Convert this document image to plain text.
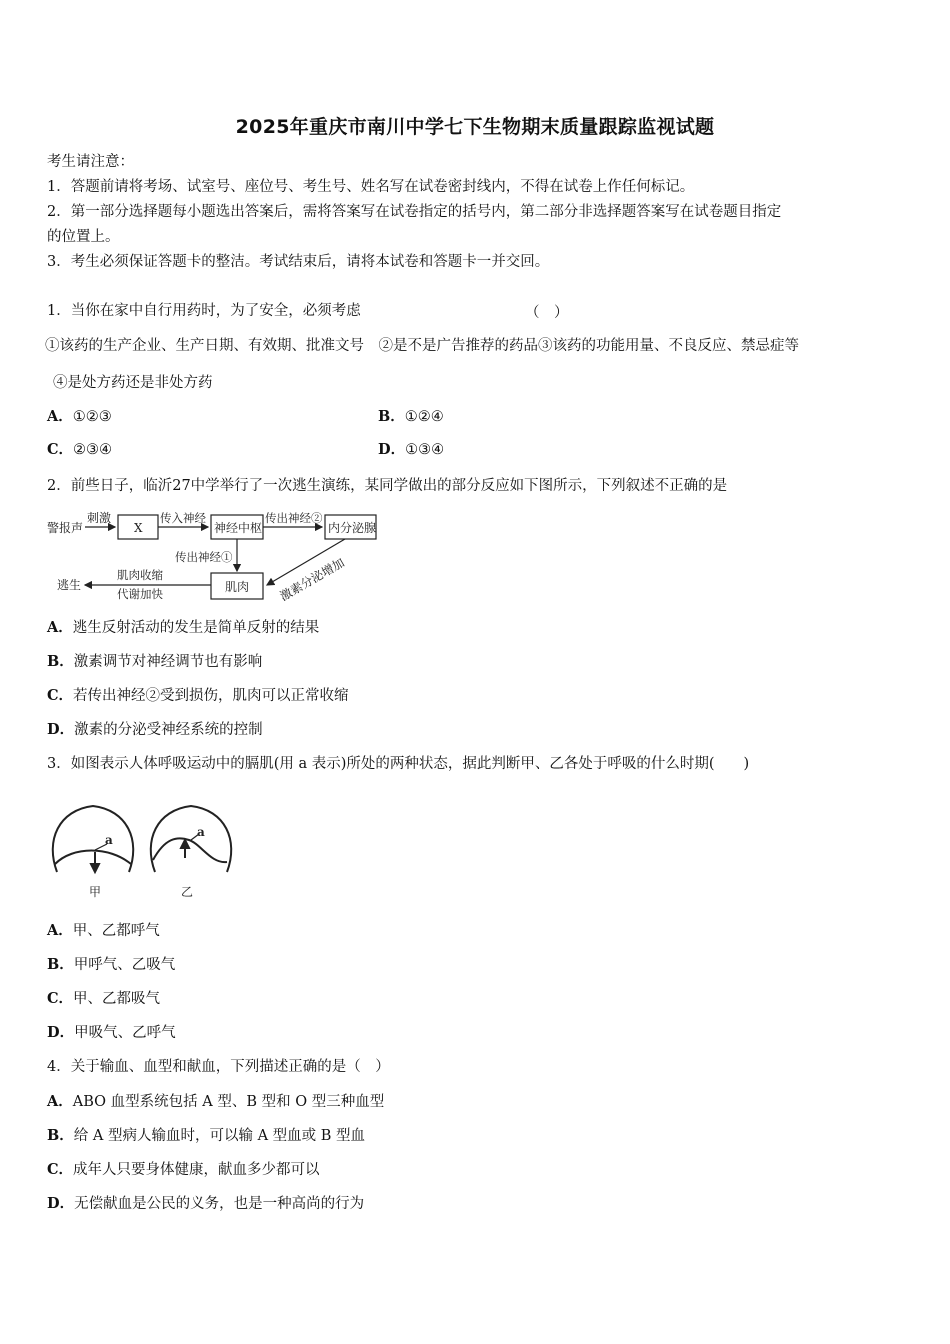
2025年重庆市南川中学七下生物期末质量跟踪监视试题
考生请注意：
1．答题前请将考场、试室号、座位号、考生号、姓名写在试卷密封线内，不得在试卷上作任何标记。
2．第一部分选择题每小题选出答案后，需将答案写在试卷指定的括号内，第二部分非选择题答案写在试卷题目指定
的位置上。
3．考生必须保证答题卡的整洁。考试结束后，请将本试卷和答题卡一并交回。
1．当你在家中自行用药时，为了安全，必须考虑	（　）
①该药的生产企业、生产日期、有效期、批准文号　②是不是广告推荐的药品③该药的功能用量、不良反应、禁忌症等
④是处方药还是非处方药
A．①②③	B．①②④
C．②③④	D．①③④
2．前些日子，临沂27中学举行了一次逃生演练，某同学做出的部分反应如下图所示，下列叙述不正确的是
警报声
刺激
X
传入神经
神经中枢
传出神经②
内分泌腺
传出神经①
肌肉 激素分泌增加
肌肉收缩
代谢加快
逃生
A．逃生反射活动的发生是简单反射的结果
B．激素调节对神经调节也有影响
C．若传出神经②受到损伤，肌肉可以正常收缩
D．激素的分泌受神经系统的控制
3．如图表示人体呼吸运动中的膈肌(用 a 表示)所处的两种状态，据此判断甲、乙各处于呼吸的什么时期(　　)
a
a
甲	乙
A．甲、乙都呼气
B．甲呼气、乙吸气
C．甲、乙都吸气
D．甲吸气、乙呼气
4．关于输血、血型和献血，下列描述正确的是（　）
A．ABO 血型系统包括 A 型、B 型和 O 型三种血型
B．给 A 型病人输血时，可以输 A 型血或 B 型血
C．成年人只要身体健康，献血多少都可以
D．无偿献血是公民的义务，也是一种高尚的行为
